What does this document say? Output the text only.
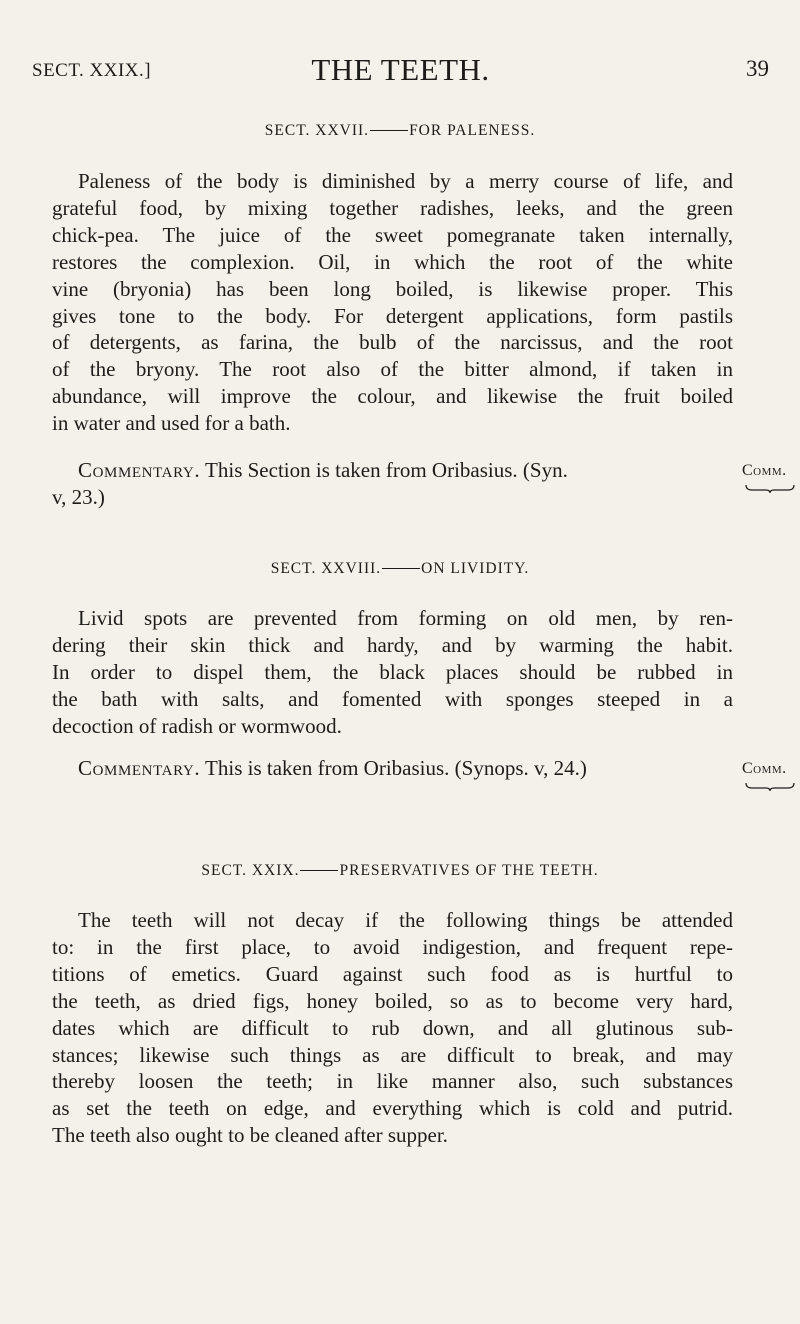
SECT. XXIX.]	THE TEETH.	39
SECT. XXVII.	FOR PALENESS.
Paleness of the body is diminished by a merry course of life, and
grateful food, by mixing together radishes, leeks, and the green
chick-pea. The juice of the sweet pomegranate taken internally,
restores the complexion. Oil, in which the root of the white
vine (bryonia) has been long boiled, is likewise proper. This
gives tone to the body. For detergent applications, form pastils
of detergents, as farina, the bulb of the narcissus, and the root
of the bryony. The root also of the bitter almond, if taken in
abundance, will improve the colour, and likewise the fruit boiled
in water and used for a bath.
Commentary. This Section is taken from Oribasius. (Syn.
v, 23.)
Comm.
SECT. XXVIII.	ON LIVIDITY.
Livid spots are prevented from forming on old men, by ren-
dering their skin thick and hardy, and by warming the habit.
In order to dispel them, the black places should be rubbed in
the bath with salts, and fomented with sponges steeped in a
decoction of radish or wormwood.
Commentary. This is taken from Oribasius. (Synops. v, 24.)	Comm.
SECT. XXIX.	PRESERVATIVES OF THE TEETH.
The teeth will not decay if the following things be attended
to: in the first place, to avoid indigestion, and frequent repe-
titions of emetics. Guard against such food as is hurtful to
the teeth, as dried figs, honey boiled, so as to become very hard,
dates which are difficult to rub down, and all glutinous sub-
stances; likewise such things as are difficult to break, and may
thereby loosen the teeth; in like manner also, such substances
as set the teeth on edge, and everything which is cold and putrid.
The teeth also ought to be cleaned after supper.
